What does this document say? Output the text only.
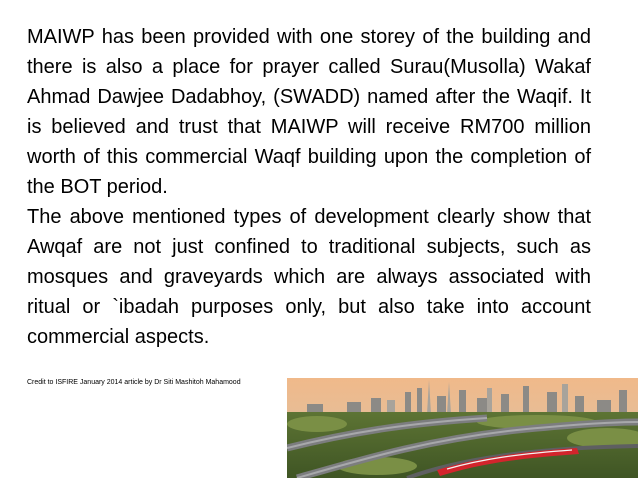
MAIWP has been provided with one storey of the building and there is also a place for prayer called Surau(Musolla) Wakaf Ahmad Dawjee Dadabhoy, (SWADD) named after the Waqif. It is believed and trust that MAIWP will receive RM700 million worth of this commercial Waqf building upon the completion of the BOT period.

The above mentioned types of development clearly show that Awqaf are not just confined to traditional subjects, such as mosques and graveyards which are always associated with ritual or `ibadah purposes only, but also take into account commercial aspects.

Credit to ISFIRE January 2014 article by Dr Siti Mashitoh Mahamood
